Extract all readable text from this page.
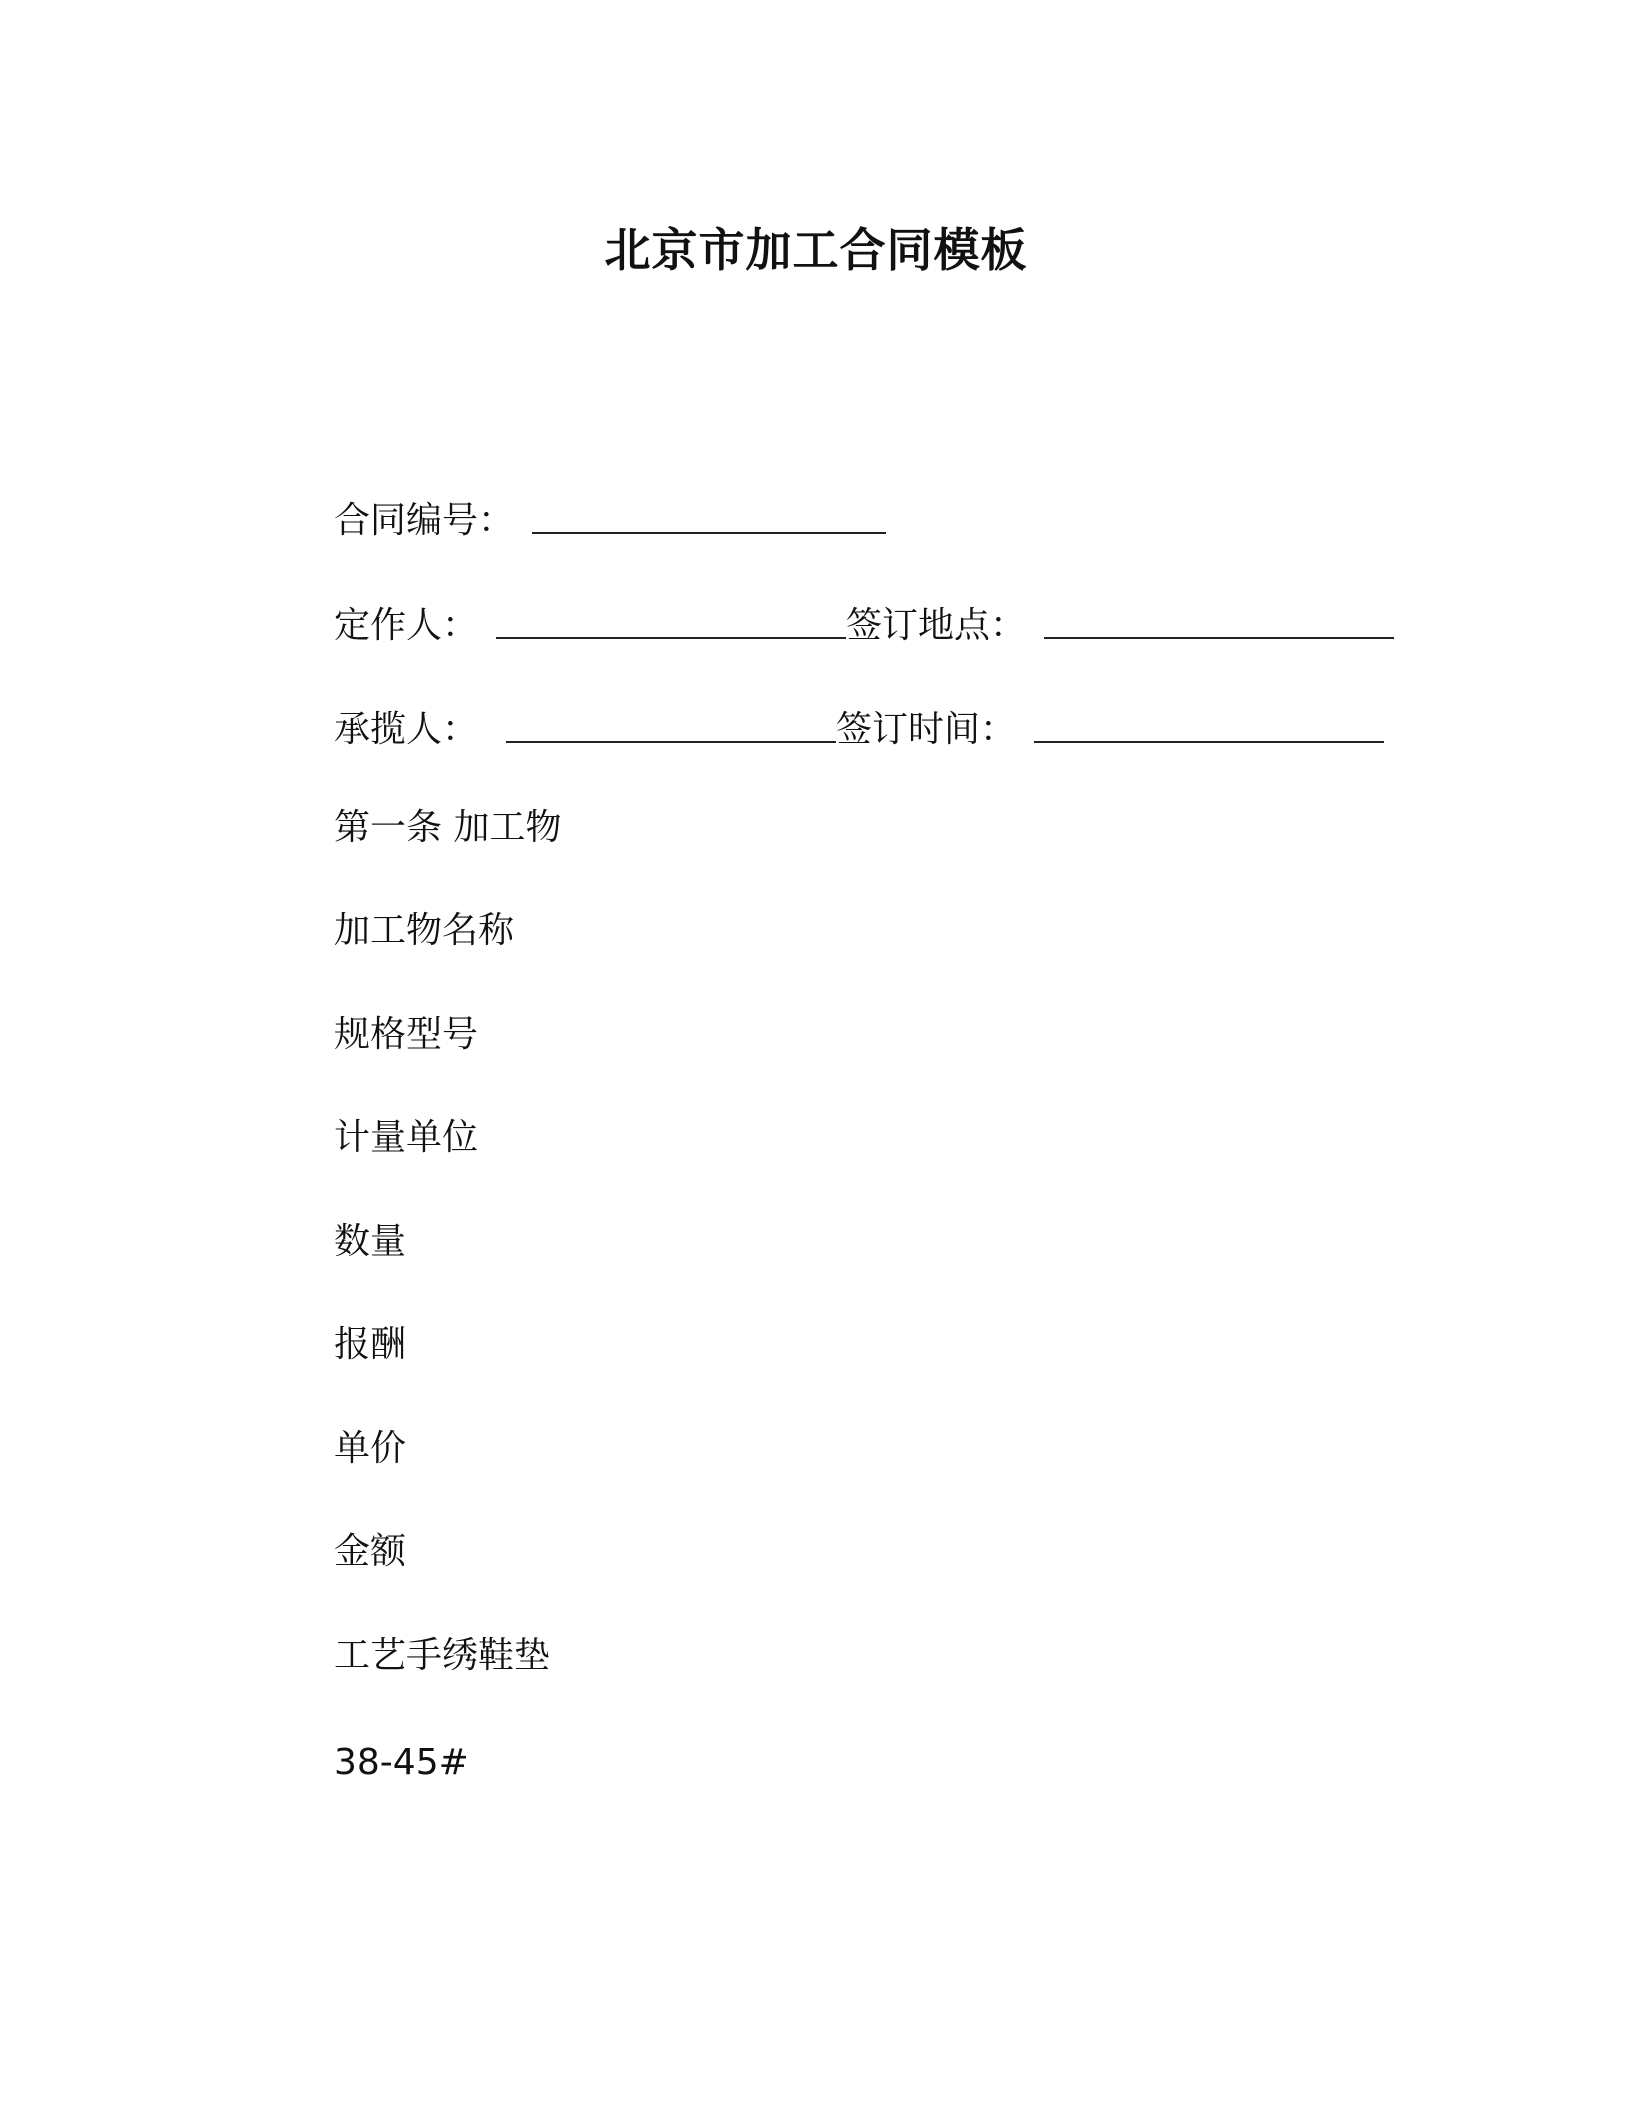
北京市加工合同模板
合同编号：
定作人：	签订地点：
承揽人：	签订时间：
第一条 加工物
加工物名称
规格型号
计量单位
数量
报酬
单价
金额
工艺手绣鞋垫
38-45#
